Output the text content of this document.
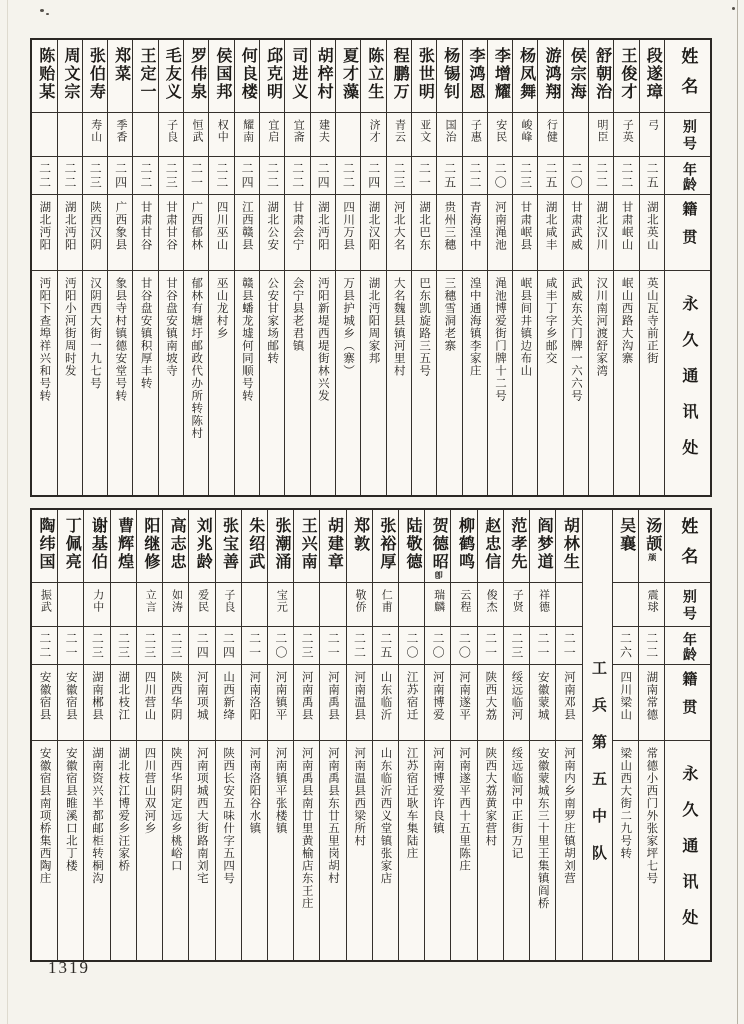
姓名
别号
年龄
籍贯
永久通讯处
段遂璋
弓
二五
湖北英山
英山瓦寺前正街
王俊才
子英
二二
甘肃岷山
岷山西路大沟寨
舒朝治
明臣
二二
湖北汉川
汉川南河渡舒家湾
侯宗海
二〇
甘肃武威
武威东关门牌一六六号
游鸿翔
行健
二五
湖北咸丰
咸丰丁字乡邮交
杨凤舞
峻峰
二三
甘肃岷县
岷县间井镇边布山
李增耀
安民
二〇
河南渑池
渑池博爱街门牌十二号
李鸿恩
子惠
二二
青海湟中
湟中通海镇李家庄
杨锡钊
国治
二五
贵州三穗
三穗雪洞老寨
张世明
亚文
二一
湖北巴东
巴东凯旋路三五号
程鹏万
青云
二三
河北大名
大名魏县镇河里村
陈立生
济才
二四
湖北汉阳
湖北沔阳周家邦
夏才藻
二二
四川万县
万县护城乡（寨）
胡梓村
建夫
二四
湖北沔阳
沔阳新堤西堤街林兴发
司进义
宜斋
二二
甘肃会宁
会宁县老君镇
邱克明
宜启
二二
湖北公安
公安甘家场邮转
何良楼
耀南
二四
江西赣县
赣县蟠龙墟何同顺号转
侯国邦
权中
二二
四川巫山
巫山龙村乡
罗伟泉
恒武
二一
广西郁林
郁林有塘圩邮政代办所转陈村
毛友义
子良
二三
甘肃甘谷
甘谷盘安镇南坡寺
王定一
二二
甘肃甘谷
甘谷盘安镇积厚丰转
郑菜
季香
二四
广西象县
象县寺村镇德安堂号转
张伯寿
寿山
二三
陕西汉阴
汉阴西大街一九七号
周文宗
二二
湖北沔阳
沔阳小河街周时发
陈贻某
二二
湖北沔阳
沔阳下查埠祥兴和号转
姓名
别号
年龄
籍贯
永久通讯处
汤颉颃
震球
二二
湖南常德
常德小西门外张家坪七号
吴襄
二六
四川梁山
梁山西大街二九号转
工兵第五中队
胡林生
二一
河南邓县
河南内乡南罗庄镇胡刘营
阎梦道
祥德
二一
安徽蒙城
安徽蒙城东三十里王集镇阎桥
范孝先
子贤
二三
绥远临河
绥远临河中正街万记
赵忠信
俊杰
二一
陕西大荔
陕西大荔黄家营村
柳鹤鸣
云程
二〇
河南遂平
河南遂平西十五里陈庄
贺德昭卽
瑞麟
二〇
河南博爱
河南博爱许良镇
陆敬德
二〇
江苏宿迁
江苏宿迁耿车集陆庄
张裕厚
仁甫
二五
山东临沂
山东临沂西义堂镇张家店
郑敦
敬侨
二二
河南温县
河南温县西梁所村
胡建章
二一
河南禹县
河南禹县东廿五里岗胡村
王兴南
二三
河南禹县
河南禹县南廿里黄榆店东王庄
张潮涌
宝元
二〇
河南镇平
河南镇平张楼镇
朱绍武
二一
河南洛阳
河南洛阳谷水镇
张宝善
子良
二四
山西新绛
陕西长安五味什字五四号
刘兆龄
爱民
二四
河南项城
河南项城西大街路南刘宅
高志忠
如涛
二三
陕西华阴
陕西华阴定远乡桃峪口
阳继修
立言
二三
四川营山
四川营山双河乡
曹辉煌
二三
湖北枝江
湖北枝江博爱乡汪家桥
谢基伯
力中
二三
湖南郴县
湖南资兴半都邮柜转桐沟
丁佩亮
二一
安徽宿县
安徽宿县睢溪口北丁楼
陶纬国
振武
二二
安徽宿县
安徽宿县南项桥集西陶庄
1319
